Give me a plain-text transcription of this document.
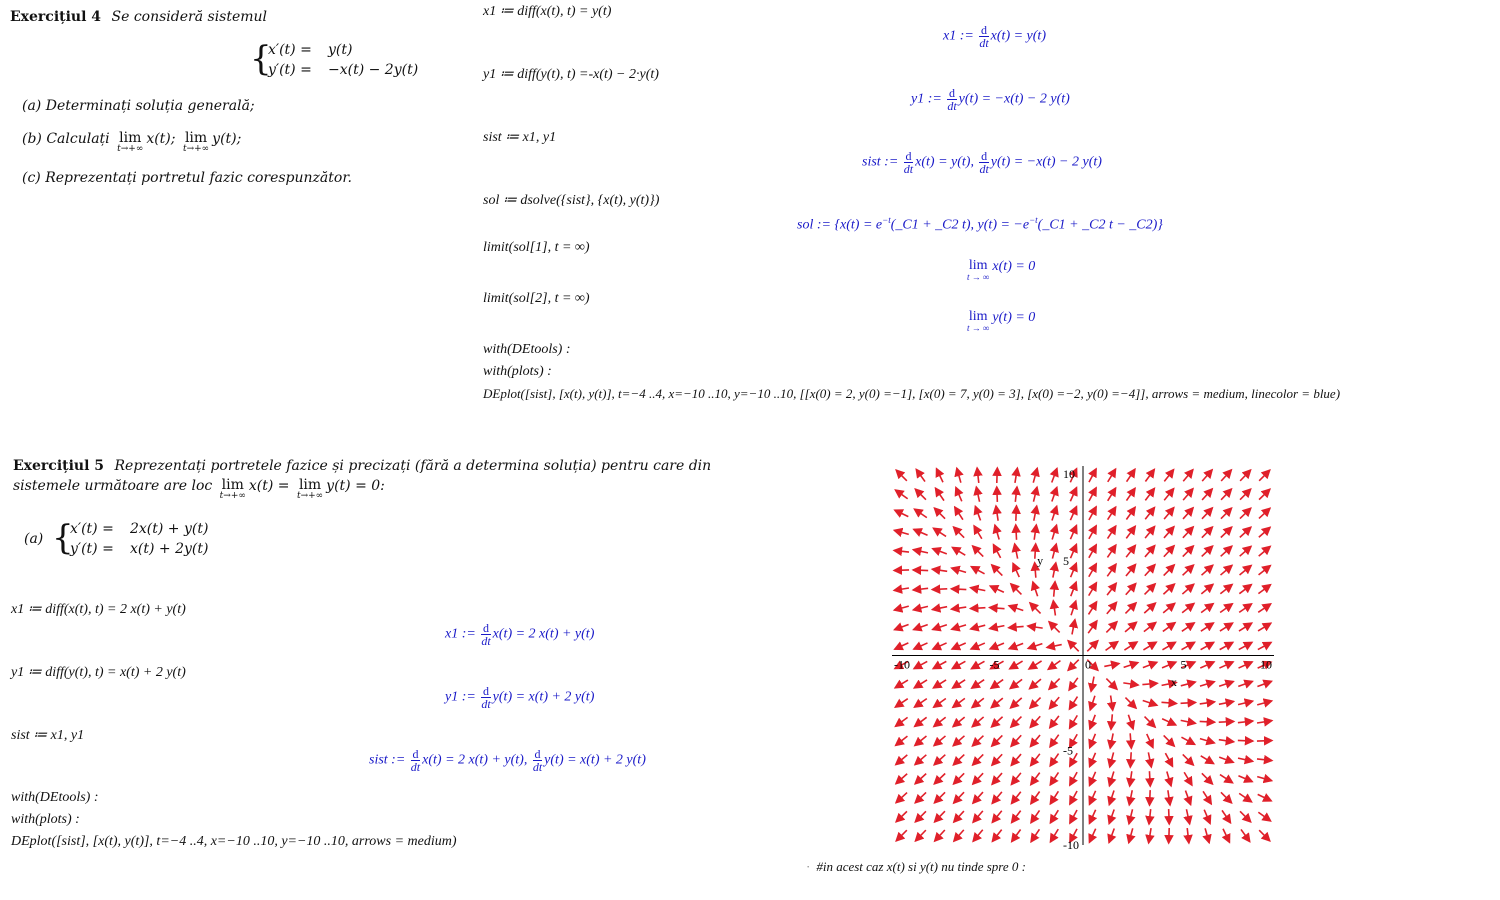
Exercițiul 4 Se consideră sistemul
{
x′(t) = y(t)
y′(t) = −x(t) − 2y(t)
(a) Determinați soluția generală;
(b) Calculați lim
t→+∞
x(t); lim
t→+∞
y(t);
(c) Reprezentați portretul fazic corespunzător.
x1 ≔ diff(x(t), t) = y(t)
x1 := $\frac{d}{dt} x(t) = y(t)$
y1 ≔ diff(y(t), t) =-x(t) − 2·y(t)
y1 := $\frac{d}{dt} y(t) = -x(t) - 2$ y(t)
sist ≔ x1, y1
sist := $\frac{d}{dt} x(t) = y(t)$, $\frac{d}{dt} y(t) = -x(t) - 2$ y(t)
sol ≔ dsolve({sist}, {x(t), y(t)})
sol := {$x(t) = e^{-t}(\_C1$ + _C2 t), $y(t) = -e^{-t}(\_C1$ + _C2 t − _C2)}
limit(sol[1], t = ∞)
lim
t → ∞
x(t) = 0
limit(sol[2], t = ∞)
lim
t → ∞
y(t) = 0
with(DEtools) :
with(plots) :
DEplot([sist], [x(t), y(t)], t=−4 ..4, x=−10 ..10, y=−10 ..10, [[x(0) = 2, y(0) =−1], [x(0) = 7, y(0) = 3], [x(0) =−2, y(0) =−4]], arrows = medium, linecolor = blue)
Exercițiul 5 Reprezentați portretele fazice și precizați (fără a determina soluția) pentru care din
sistemele următoare are loc lim
t→+∞
x(t) = lim
t→+∞
y(t) = 0:
(a) {
x′(t) = 2x(t) + y(t)
y′(t) = x(t) + 2y(t)
x1 ≔ diff(x(t), t) = 2 x(t) + y(t)
x1 := $\frac{d}{dt} x(t) = 2$ x(t) + y(t)
y1 ≔ diff(y(t), t) = x(t) + 2 y(t)
y1 := $\frac{d}{dt} y(t) = x(t) + 2$ y(t)
sist ≔ x1, y1
sist := $\frac{d}{dt} x(t) = 2$ x(t) + y(t), $\frac{d}{dt} y(t) = x(t) + 2$ y(t)
with(DEtools) :
with(plots) :
DEplot([sist], [x(t), y(t)], t=−4 ..4, x=−10 ..10, y=−10 ..10, arrows = medium)
· #in acest caz x(t) si y(t) nu tinde spre 0 :
-10	-5	0	5	10
10
5
-5
-10
x
y
